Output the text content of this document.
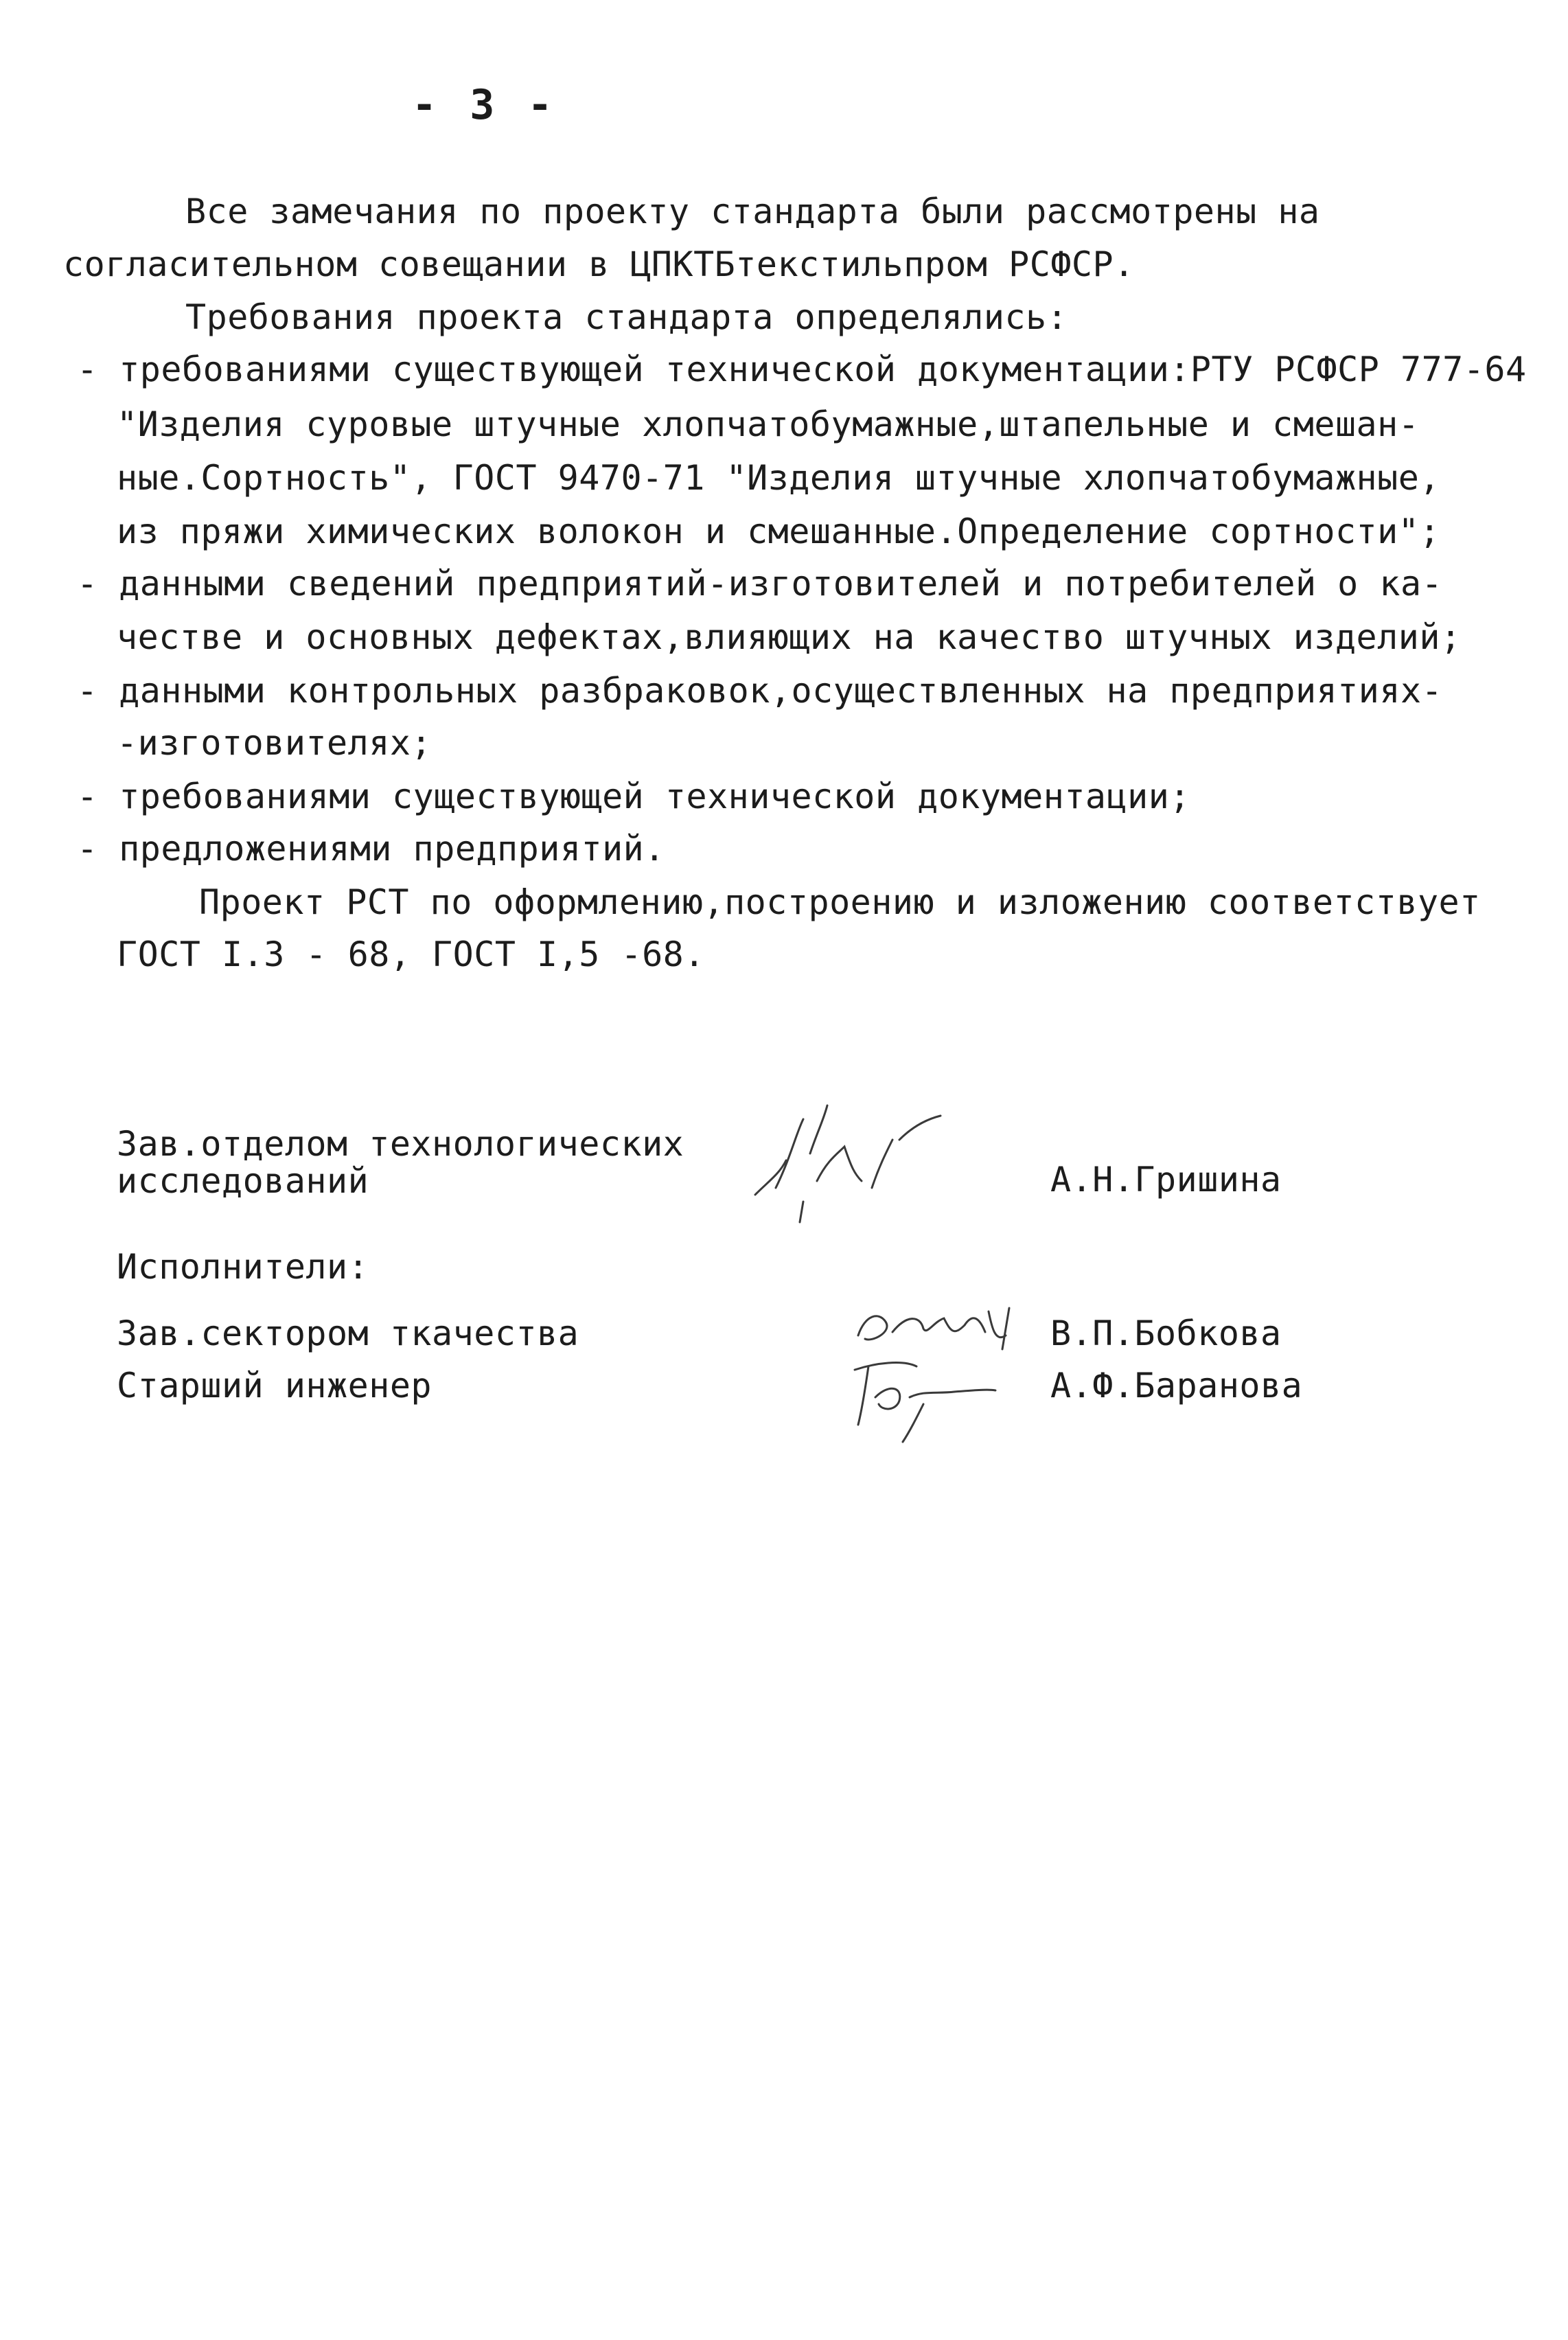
- 3 -
Все замечания по проекту стандарта были рассмотрены на
согласительном совещании в ЦПКТБтекстильпром РСФСР.
Требования проекта стандарта определялись:
- требованиями существующей технической документации:РТУ РСФСР 777-64
"Изделия суровые штучные хлопчатобумажные,штапельные и смешан-
ные.Сортность", ГОСТ 9470-71 "Изделия штучные хлопчатобумажные,
из пряжи химических волокон и смешанные.Определение сортности";
- данными сведений предприятий-изготовителей и потребителей о ка-
честве и основных дефектах,влияющих на качество штучных изделий;
- данными контрольных разбраковок,осуществленных на предприятиях-
-изготовителях;
- требованиями существующей технической документации;
- предложениями предприятий.
Проект РСТ по оформлению,построению и изложению соответствует
ГОСТ I.3 - 68, ГОСТ I,5 -68.
Зав.отделом технологических
исследований	А.Н.Гришина
Исполнители:
Зав.сектором ткачества	В.П.Бобкова
Старший инженер	А.Ф.Баранова
